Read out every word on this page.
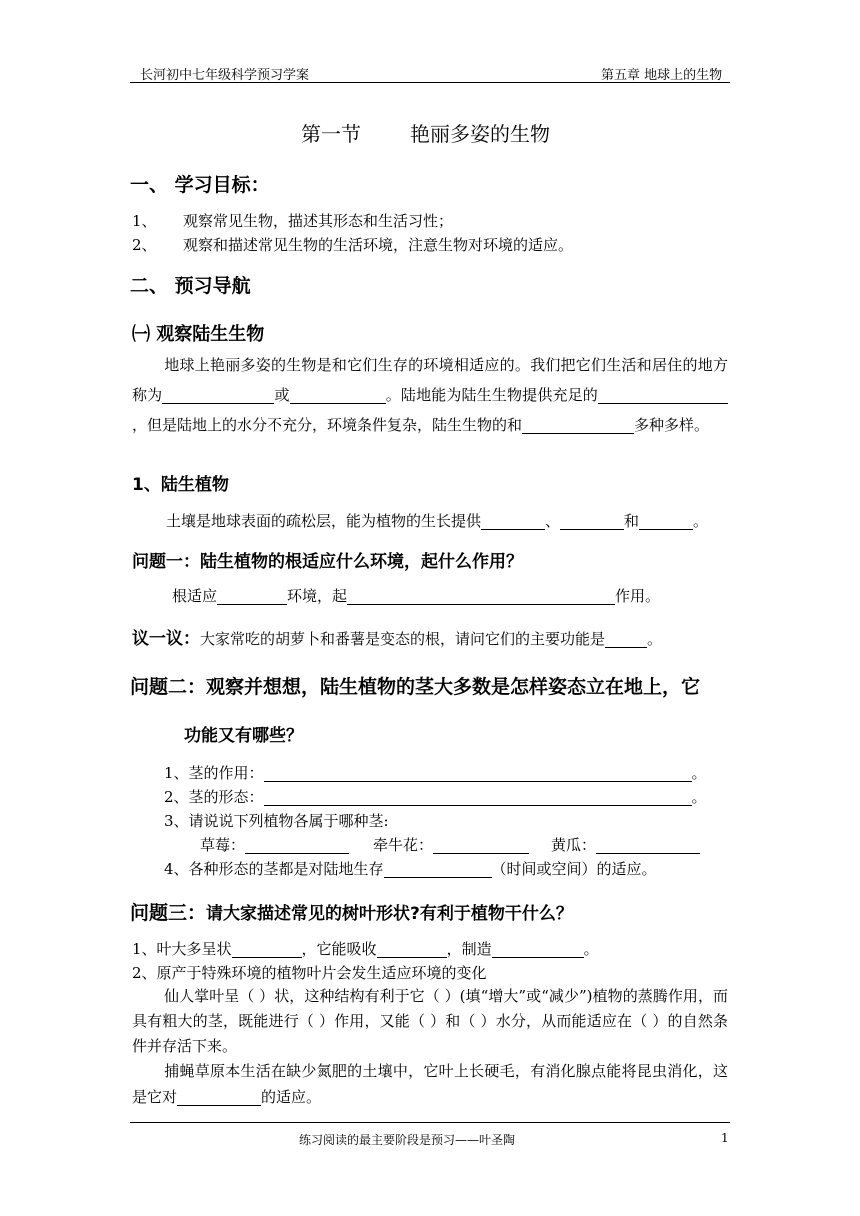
长河初中七年级科学预习学案	第五章 地球上的生物
第一节 艳丽多姿的生物
一、 学习目标：
1、 观察常见生物，描述其形态和生活习性；
2、 观察和描述常见生物的生活环境，注意生物对环境的适应。
二、 预习导航
㈠ 观察陆生生物
地球上艳丽多姿的生物是和它们生存的环境相适应的。我们把它们生活和居住的地方称为	或	。陆地能为陆生生物提供充足的，但是陆地上的水分不充分，环境条件复杂，陆生生物的和	多种多样。
1、陆生植物
土壤是地球表面的疏松层，能为植物的生长提供	、	和	。
问题一：陆生植物的根适应什么环境，起什么作用？
根适应	环境，起	作用。
议一议：大家常吃的胡萝卜和番薯是变态的根，请问它们的主要功能是	。
问题二：观察并想想，陆生植物的茎大多数是怎样姿态立在地上，它
功能又有哪些？
1、茎的作用：	。
2、茎的形态：	。
3、请说说下列植物各属于哪种茎:
草莓：	牵牛花：	黄瓜：
4、各种形态的茎都是对陆地生存	（时间或空间）的适应。
问题三：请大家描述常见的树叶形状?有利于植物干什么？
1、叶大多呈状	，它能吸收	，制造	。
2、原产于特殊环境的植物叶片会发生适应环境的变化
仙人掌叶呈（ ）状，这种结构有利于它（ ）(填“增大”或“减少”)植物的蒸腾作用，而具有粗大的茎，既能进行（ ）作用，又能（ ）和（ ）水分，从而能适应在（ ）的自然条件并存活下来。
捕蝇草原本生活在缺少氮肥的土壤中，它叶上长硬毛，有消化腺点能将昆虫消化，这是它对	的适应。
练习阅读的最主要阶段是预习——叶圣陶	1
